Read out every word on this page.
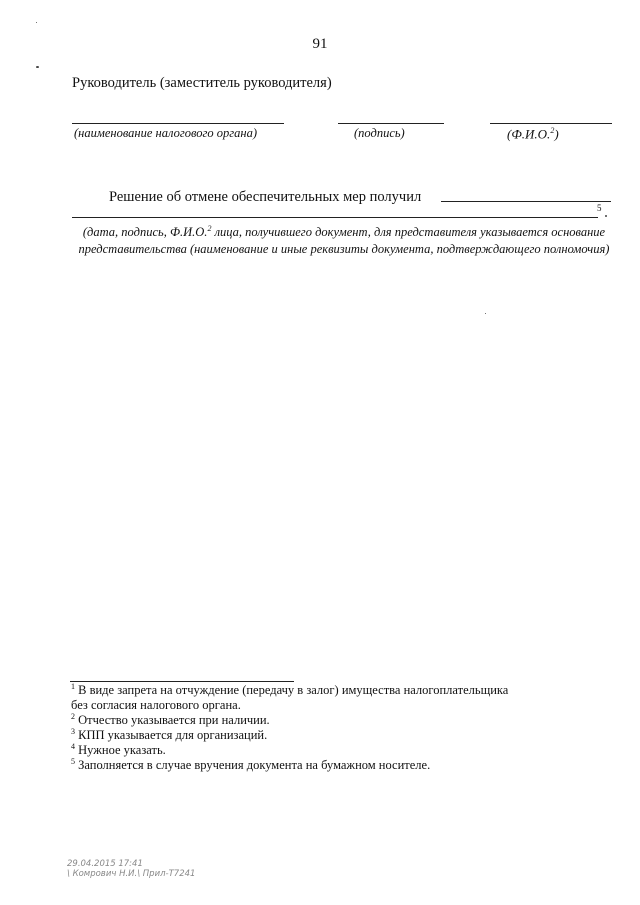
91
Руководитель (заместитель руководителя)
(наименование налогового органа)	(подпись)	(Ф.И.О.$^2$)
Решение об отмене обеспечительных мер получил
5
(дата, подпись, Ф.И.О.$^2$ лица, получившего документ, для представителя указывается основание представительства (наименование и иные реквизиты документа, подтверждающего полномочия)
$^1$ В виде запрета на отчуждение (передачу в залог) имущества налогоплательщика
без согласия налогового органа.
$^2$ Отчество указывается при наличии.
$^3$ КПП указывается для организаций.
$^4$ Нужное указать.
$^5$ Заполняется в случае вручения документа на бумажном носителе.
29.04.2015 17:41
\ Комрович Н.И.\ Прил-Т7241
